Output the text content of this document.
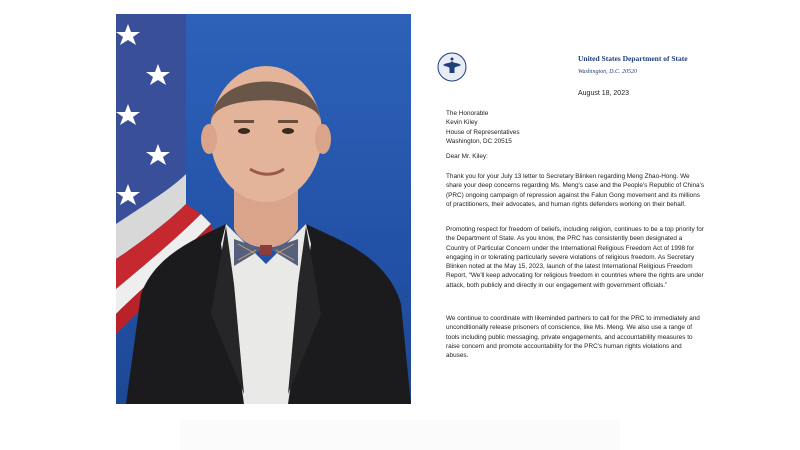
United States Department of State
Washington, D.C. 20520
August 18, 2023
The Honorable
Kevin Kiley
House of Representatives
Washington, DC 20515
Dear Mr. Kiley:

Thank you for your July 13 letter to Secretary Blinken regarding Meng Zhao-Hong. We share your deep concerns regarding Ms. Meng's case and the People's Republic of China's (PRC) ongoing campaign of repression against the Falun Gong movement and its millions of practitioners, their advocates, and human rights defenders working on their behalf.

Promoting respect for freedom of beliefs, including religion, continues to be a top priority for the Department of State. As you know, the PRC has consistently been designated a Country of Particular Concern under the International Religious Freedom Act of 1998 for engaging in or tolerating particularly severe violations of religious freedom. As Secretary Blinken noted at the May 15, 2023, launch of the latest International Religious Freedom Report, “We'll keep advocating for religious freedom in countries where the rights are under attack, both publicly and directly in our engagement with government officials.”

We continue to coordinate with likeminded partners to call for the PRC to immediately and unconditionally release prisoners of conscience, like Ms. Meng. We also use a range of tools including public messaging, private engagements, and accountability measures to raise concern and promote accountability for the PRC's human rights violations and abuses.
